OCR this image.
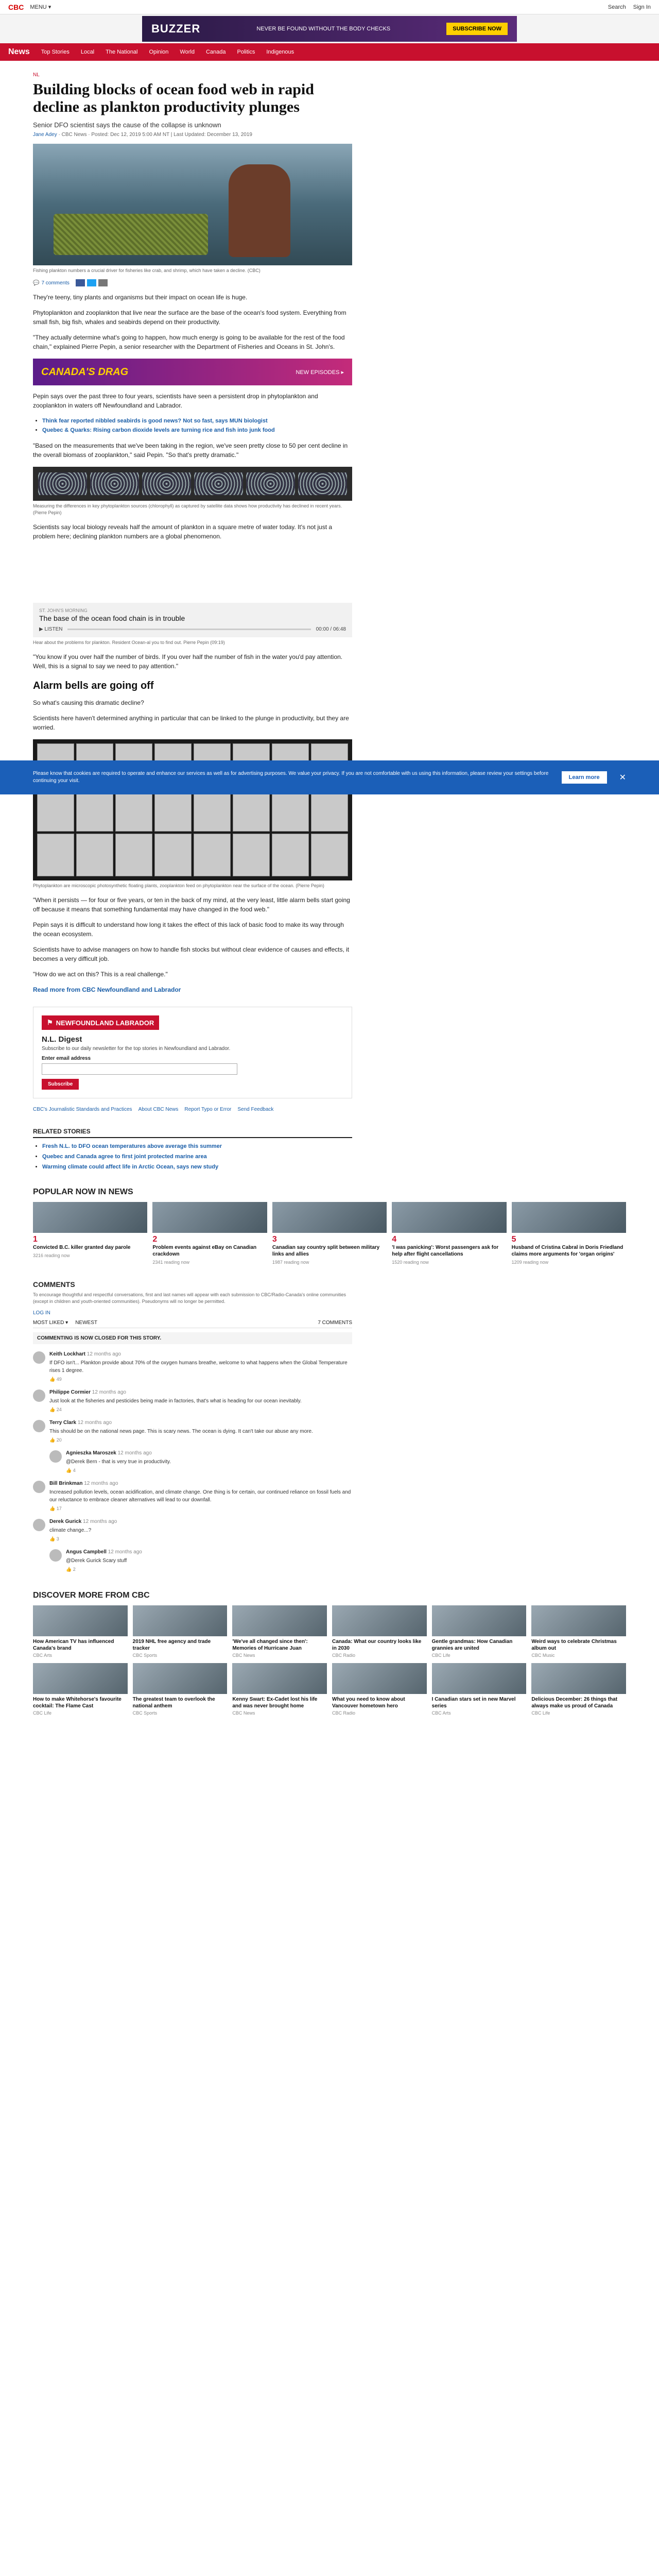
CBC MENU ▾	Search Sign In
BUZZER	NEVER BE FOUND WITHOUT THE BODY CHECKS	SUBSCRIBE NOW
News Top Stories Local The National Opinion World Canada Politics Indigenous
NL
Building blocks of ocean food web in rapid decline as plankton productivity plunges
Senior DFO scientist says the cause of the collapse is unknown
Jane Adey · CBC News · Posted: Dec 12, 2019 5:00 AM NT | Last Updated: December 13, 2019
Fishing plankton numbers a crucial driver for fisheries like crab, and shrimp, which have taken a decline. (CBC)
💬 7 comments

They're teeny, tiny plants and organisms but their impact on ocean life is huge.

Phytoplankton and zooplankton that live near the surface are the base of the ocean's food system. Everything from small fish, big fish, whales and seabirds depend on their productivity.

"They actually determine what's going to happen, how much energy is going to be available for the rest of the food chain," explained Pierre Pepin, a senior researcher with the Department of Fisheries and Oceans in St. John's.

CANADA'S DRAG	NEW EPISODES ▸

Pepin says over the past three to four years, scientists have seen a persistent drop in phytoplankton and zooplankton in waters off Newfoundland and Labrador.

• Think fear reported nibbled seabirds is good news? Not so fast, says MUN biologist
• Quebec & Quarks: Rising carbon dioxide levels are turning rice and fish into junk food

"Based on the measurements that we've been taking in the region, we've seen pretty close to 50 per cent decline in the overall biomass of zooplankton," said Pepin. "So that's pretty dramatic."

Measuring the differences in key phytoplankton sources (chlorophyll) as captured by satellite data shows how productivity has declined in recent years. (Pierre Pepin)

Scientists say local biology reveals half the amount of plankton in a square metre of water today. It's not just a problem here; declining plankton numbers are a global phenomenon.

ST. JOHN'S MORNING
The base of the ocean food chain is in trouble
▶ LISTEN	00:00 / 06:48
Hear about the problems for plankton. Resident Ocean-al you to find out. Pierre Pepin (09:19)

"You know if you over half the number of birds. If you over half the number of fish in the water you'd pay attention. Well, this is a signal to say we need to pay attention."

Alarm bells are going off

So what's causing this dramatic decline?

Scientists here haven't determined anything in particular that can be linked to the plunge in productivity, but they are worried.

Phytoplankton are microscopic photosynthetic floating plants, zooplankton feed on phytoplankton near the surface of the ocean. (Pierre Pepin)

"When it persists — for four or five years, or ten in the back of my mind, at the very least, little alarm bells start going off because it means that something fundamental may have changed in the food web."

Pepin says it is difficult to understand how long it takes the effect of this lack of basic food to make its way through the ocean ecosystem.

Scientists have to advise managers on how to handle fish stocks but without clear evidence of causes and effects, it becomes a very difficult job.

"How do we act on this? This is a real challenge."

Read more from CBC Newfoundland and Labrador

⚑ NEWFOUNDLAND LABRADOR
N.L. Digest
Subscribe to our daily newsletter for the top stories in Newfoundland and Labrador.
Enter email address
Subscribe
CBC's Journalistic Standards and Practices About CBC News Report Typo or Error Send Feedback
RELATED STORIES
• Fresh N.L. to DFO ocean temperatures above average this summer
• Quebec and Canada agree to first joint protected marine area
• Warming climate could affect life in Arctic Ocean, says new study
Please know that cookies are required to operate and enhance our services as well as for advertising purposes. We value your privacy. If you are not comfortable with us using this information, please review your settings before continuing your visit.
Learn more	✕
POPULAR NOW IN NEWS
1
Convicted B.C. killer granted day parole
3216 reading now
2
Problem events against eBay on Canadian crackdown
2341 reading now
3
Canadian say country split between military links and allies
1987 reading now
4
'I was panicking': Worst passengers ask for help after flight cancellations
1520 reading now
5
Husband of Cristina Cabral in Doris Friedland claims more arguments for 'organ origins'
1209 reading now
COMMENTS
To encourage thoughtful and respectful conversations, first and last names will appear with each submission to CBC/Radio-Canada's online communities (except in children and youth-oriented communities). Pseudonyms will no longer be permitted.
LOG IN
MOST LIKED ▾ NEWEST	7 COMMENTS
COMMENTING IS NOW CLOSED FOR THIS STORY.
Keith Lockhart 12 months ago
If DFO isn't... Plankton provide about 70% of the oxygen humans breathe, welcome to what happens when the Global Temperature rises 1 degree.
👍 49
Philippe Cormier 12 months ago
Just look at the fisheries and pesticides being made in factories, that's what is heading for our ocean inevitably.
👍 24
Terry Clark 12 months ago
This should be on the national news page. This is scary news. The ocean is dying. It can't take our abuse any more.
👍 20
Agnieszka Maroszek 12 months ago
@Derek Bern - that is very true in productivity.
👍 4
Bill Brinkman 12 months ago
Increased pollution levels, ocean acidification, and climate change. One thing is for certain, our continued reliance on fossil fuels and our reluctance to embrace cleaner alternatives will lead to our downfall.
👍 17
Derek Gurick 12 months ago
climate change...?
👍 3
Angus Campbell 12 months ago
@Derek Gurick Scary stuff
👍 2
DISCOVER MORE FROM CBC
How American TV has influenced Canada's brand
CBC Arts
2019 NHL free agency and trade tracker
CBC Sports
'We've all changed since then': Memories of Hurricane Juan
CBC News
Canada: What our country looks like in 2030
CBC Radio
Gentle grandmas: How Canadian grannies are united
CBC Life
Weird ways to celebrate Christmas album out
CBC Music
How to make Whitehorse's favourite cocktail: The Flame Cast
CBC Life
The greatest team to overlook the national anthem
CBC Sports
Kenny Swart: Ex-Cadet lost his life and was never brought home
CBC News
What you need to know about Vancouver hometown hero
CBC Radio
I Canadian stars set in new Marvel series
CBC Arts
Delicious December: 26 things that always make us proud of Canada
CBC Life
